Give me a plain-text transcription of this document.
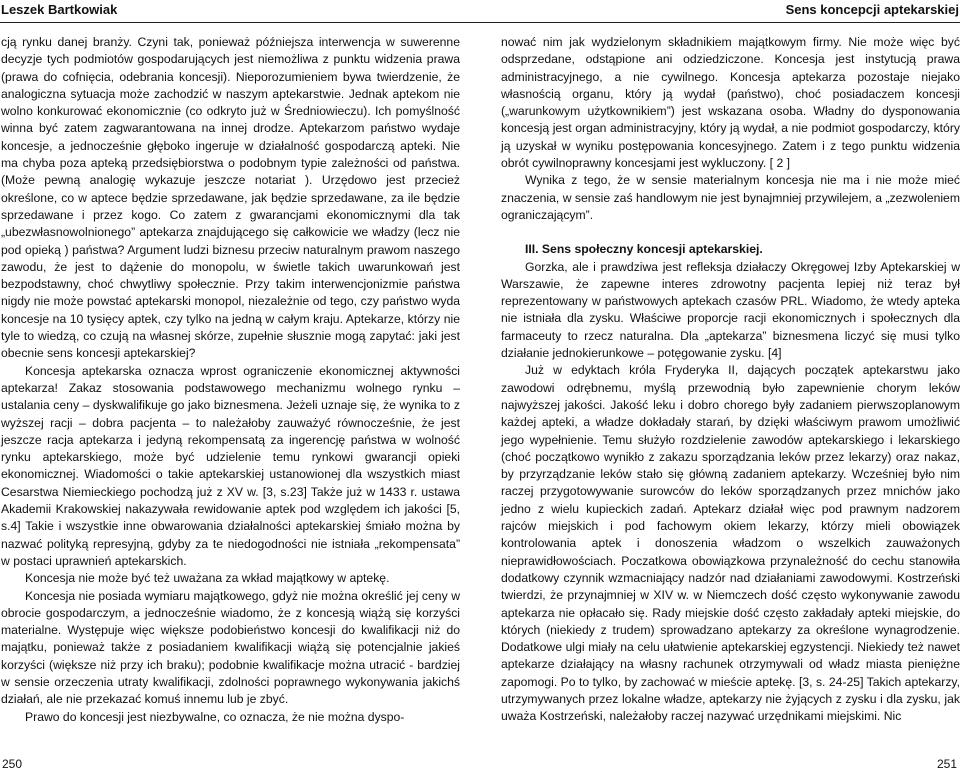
Leszek Bartkowiak	Sens koncepcji aptekarskiej

cją rynku danej branży. Czyni tak, ponieważ późniejsza interwencja w suwerenne decyzje tych podmiotów gospodarujących jest niemożliwa z punktu widzenia prawa (prawa do cofnięcia, odebrania koncesji). Nieporozumieniem bywa twierdzenie, że analogiczna sytuacja może zachodzić w naszym aptekarstwie. Jednak aptekom nie wolno konkurować ekonomicznie (co odkryto już w Średniowieczu). Ich pomyślność winna być zatem zagwarantowana na innej drodze. Aptekarzom państwo wydaje koncesje, a jednocześnie głęboko ingeruje w działalność gospodarczą apteki. Nie ma chyba poza apteką przedsiębiorstwa o podobnym typie zależności od państwa. (Może pewną analogię wykazuje jeszcze notariat ). Urzędowo jest przecież określone, co w aptece będzie sprzedawane, jak będzie sprzedawane, za ile będzie sprzedawane i przez kogo. Co zatem z gwarancjami ekonomicznymi dla tak „ubezwłasnowolnionego” aptekarza znajdującego się całkowicie we władzy (lecz nie pod opieką ) państwa? Argument ludzi biznesu przeciw naturalnym prawom naszego zawodu, że jest to dążenie do monopolu, w świetle takich uwarunkowań jest bezpodstawny, choć chwytliwy społecznie. Przy takim interwencjonizmie państwa nigdy nie może powstać aptekarski monopol, niezależnie od tego, czy państwo wyda koncesje na 10 tysięcy aptek, czy tylko na jedną w całym kraju. Aptekarze, którzy nie tyle to wiedzą, co czują na własnej skórze, zupełnie słusznie mogą zapytać: jaki jest obecnie sens koncesji aptekarskiej?

Koncesja aptekarska oznacza wprost ograniczenie ekonomicznej aktywności aptekarza! Zakaz stosowania podstawowego mechanizmu wolnego rynku – ustalania ceny – dyskwalifikuje go jako biznesmena. Jeżeli uznaje się, że wynika to z wyższej racji – dobra pacjenta – to należałoby zauważyć równocześnie, że jest jeszcze racja aptekarza i jedyną rekompensatą za ingerencję państwa w wolność rynku aptekarskiego, może być udzielenie temu rynkowi gwarancji opieki ekonomicznej. Wiadomości o takie aptekarskiej ustanowionej dla wszystkich miast Cesarstwa Niemieckiego pochodzą już z XV w. [3, s.23] Także już w 1433 r. ustawa Akademii Krakowskiej nakazywała rewidowanie aptek pod względem ich jakości [5, s.4] Takie i wszystkie inne obwarowania działalności aptekarskiej śmiało można by nazwać polityką represyjną, gdyby za te niedogodności nie istniała „rekompensata” w postaci uprawnień aptekarskich.

Koncesja nie może być też uważana za wkład majątkowy w aptekę.

Koncesja nie posiada wymiaru majątkowego, gdyż nie można określić jej ceny w obrocie gospodarczym, a jednocześnie wiadomo, że z koncesją wiążą się korzyści materialne. Występuje więc większe podobieństwo koncesji do kwalifikacji niż do majątku, ponieważ także z posiadaniem kwalifikacji wiążą się potencjalnie jakieś korzyści (większe niż przy ich braku); podobnie kwalifikacje można utracić - bardziej w sensie orzeczenia utraty kwalifikacji, zdolności poprawnego wykonywania jakichś działań, ale nie przekazać komuś innemu lub je zbyć.

Prawo do koncesji jest niezbywalne, co oznacza, że nie można dyspo-

nować nim jak wydzielonym składnikiem majątkowym firmy. Nie może więc być odsprzedane, odstąpione ani odziedziczone. Koncesja jest instytucją prawa administracyjnego, a nie cywilnego. Koncesja aptekarza pozostaje niejako własnością organu, który ją wydał (państwo), choć posiadaczem koncesji („warunkowym użytkownikiem”) jest wskazana osoba. Władny do dysponowania koncesją jest organ administracyjny, który ją wydał, a nie podmiot gospodarczy, który ją uzyskał w wyniku postępowania koncesyjnego. Zatem i z tego punktu widzenia obrót cywilnoprawny koncesjami jest wykluczony. [ 2 ]

Wynika z tego, że w sensie materialnym koncesja nie ma i nie może mieć znaczenia, w sensie zaś handlowym nie jest bynajmniej przywilejem, a „zezwoleniem ograniczającym”.

III. Sens społeczny koncesji aptekarskiej.

Gorzka, ale i prawdziwa jest refleksja działaczy Okręgowej Izby Aptekarskiej w Warszawie, że zapewne interes zdrowotny pacjenta lepiej niż teraz był reprezentowany w państwowych aptekach czasów PRL. Wiadomo, że wtedy apteka nie istniała dla zysku. Właściwe proporcje racji ekonomicznych i społecznych dla farmaceuty to rzecz naturalna. Dla „aptekarza” biznesmena liczyć się musi tylko działanie jednokierunkowe – potęgowanie zysku. [4]

Już w edyktach króla Fryderyka II, dających początek aptekarstwu jako zawodowi odrębnemu, myślą przewodnią było zapewnienie chorym leków najwyższej jakości. Jakość leku i dobro chorego były zadaniem pierwszoplanowym każdej apteki, a władze dokładały starań, by dzięki właściwym prawom umożliwić jego wypełnienie. Temu służyło rozdzielenie zawodów aptekarskiego i lekarskiego (choć początkowo wynikło z zakazu sporządzania leków przez lekarzy) oraz nakaz, by przyrządzanie leków stało się główną zadaniem aptekarzy. Wcześniej było nim raczej przygotowywanie surowców do leków sporządzanych przez mnichów jako jedno z wielu kupieckich zadań. Aptekarz działał więc pod prawnym nadzorem rajców miejskich i pod fachowym okiem lekarzy, którzy mieli obowiązek kontrolowania aptek i donoszenia władzom o wszelkich zauważonych nieprawidłowościach. Poczatkowa obowiązkowa przynależność do cechu stanowiła dodatkowy czynnik wzmacniający nadzór nad działaniami zawodowymi. Kostrzeński twierdzi, że przynajmniej w XIV w. w Niemczech dość często wykonywanie zawodu aptekarza nie opłacało się. Rady miejskie dość często zakładały apteki miejskie, do których (niekiedy z trudem) sprowadzano aptekarzy za określone wynagrodzenie. Dodatkowe ulgi miały na celu ułatwienie aptekarskiej egzystencji. Niekiedy też nawet aptekarze działający na własny rachunek otrzymywali od władz miasta pieniężne zapomogi. Po to tylko, by zachować w mieście aptekę. [3, s. 24-25] Takich aptekarzy, utrzymywanych przez lokalne władze, aptekarzy nie żyjących z zysku i dla zysku, jak uważa Kostrzeński, należałoby raczej nazywać urzędnikami miejskimi. Nic

250	251
